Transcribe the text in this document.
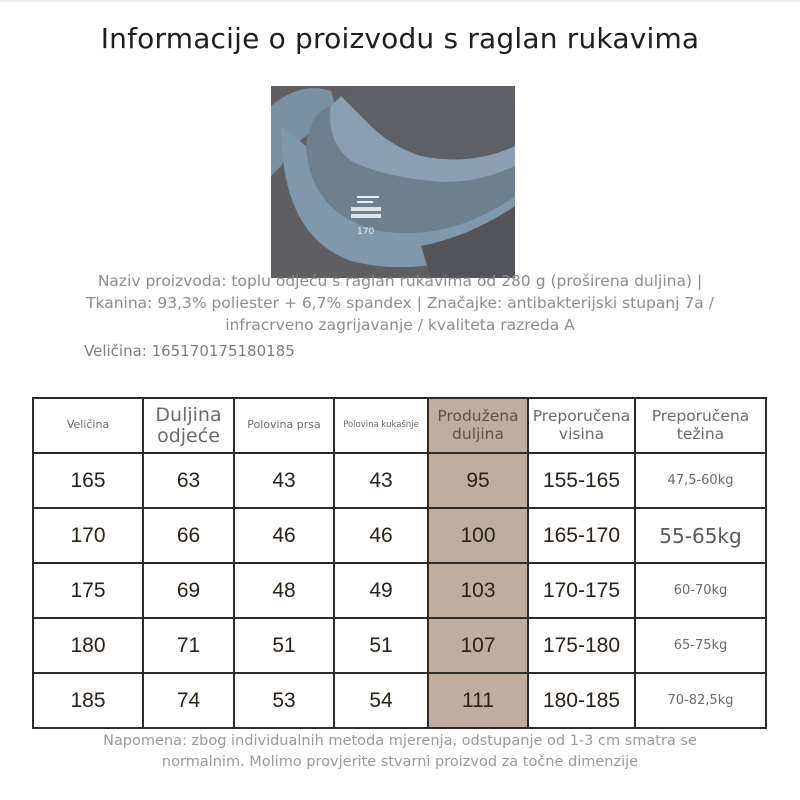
Informacije o proizvodu s raglan rukavima
170
Naziv proizvoda: toplu odjeću s raglan rukavima od 280 g (proširena duljina) |
Tkanina: 93,3% poliester + 6,7% spandex | Značajke: antibakterijski stupanj 7a /
infracrveno zagrijavanje / kvaliteta razreda A
Veličina: 165170175180185
Veličina	Duljina odjeće	Polovina prsa	Polovina kukašnje	Produžena duljina	Preporučena visina	Preporučena težina
165	63	43	43	95	155-165	47,5-60kg
170	66	46	46	100	165-170	55-65kg
175	69	48	49	103	170-175	60-70kg
180	71	51	51	107	175-180	65-75kg
185	74	53	54	111	180-185	70-82,5kg
Napomena: zbog individualnih metoda mjerenja, odstupanje od 1-3 cm smatra se
normalnim. Molimo provjerite stvarni proizvod za točne dimenzije
